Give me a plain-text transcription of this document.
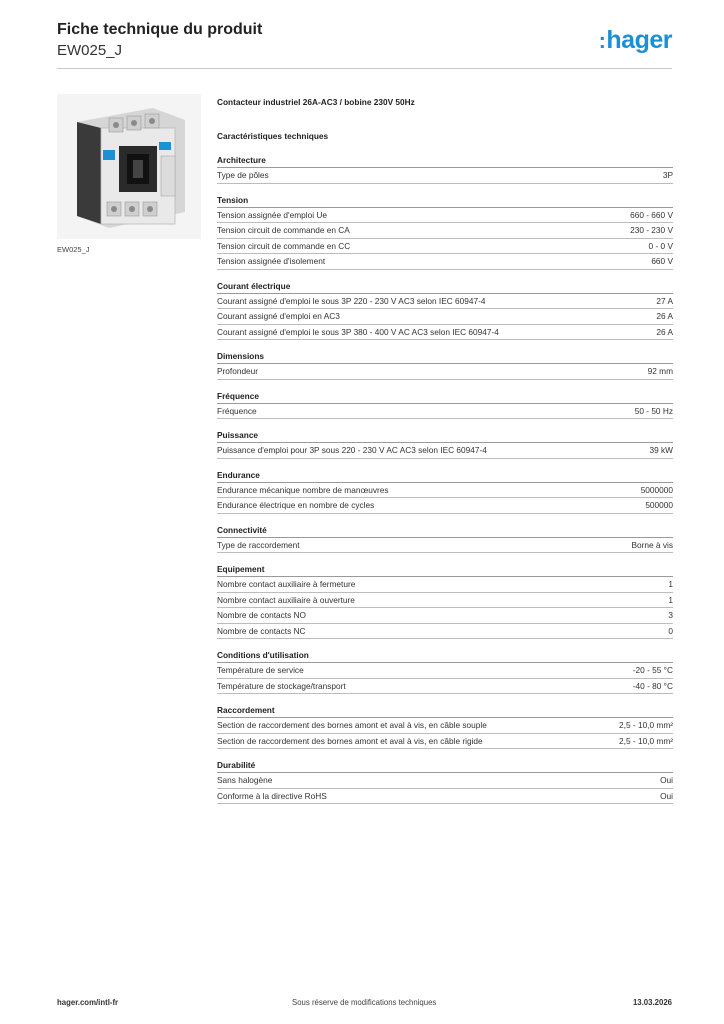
Fiche technique du produit
EW025_J	:hager
EW025_J
Contacteur industriel 26A-AC3 / bobine 230V 50Hz
Caractéristiques techniques
Architecture
Type de pôles	3P
Tension
Tension assignée d'emploi Ue	660 - 660 V
Tension circuit de commande en CA	230 - 230 V
Tension circuit de commande en CC	0 - 0 V
Tension assignée d'isolement	660 V
Courant électrique
Courant assigné d'emploi le sous 3P 220 - 230 V AC3 selon IEC 60947-4	27 A
Courant assigné d'emploi en AC3	26 A
Courant assigné d'emploi le sous 3P 380 - 400 V AC AC3 selon IEC 60947-4	26 A
Dimensions
Profondeur	92 mm
Fréquence
Fréquence	50 - 50 Hz
Puissance
Puissance d'emploi pour 3P sous 220 - 230 V AC AC3 selon IEC 60947-4	39 kW
Endurance
Endurance mécanique nombre de manœuvres	5000000
Endurance électrique en nombre de cycles	500000
Connectivité
Type de raccordement	Borne à vis
Equipement
Nombre contact auxiliaire à fermeture	1
Nombre contact auxiliaire à ouverture	1
Nombre de contacts NO	3
Nombre de contacts NC	0
Conditions d'utilisation
Température de service	-20 - 55 °C
Température de stockage/transport	-40 - 80 °C
Raccordement
Section de raccordement des bornes amont et aval à vis, en câble souple	2,5 - 10,0 mm²
Section de raccordement des bornes amont et aval à vis, en câble rigide	2,5 - 10,0 mm²
Durabilité
Sans halogène	Oui
Conforme à la directive RoHS	Oui
hager.com/intl-fr	Sous réserve de modifications techniques	13.03.2026
